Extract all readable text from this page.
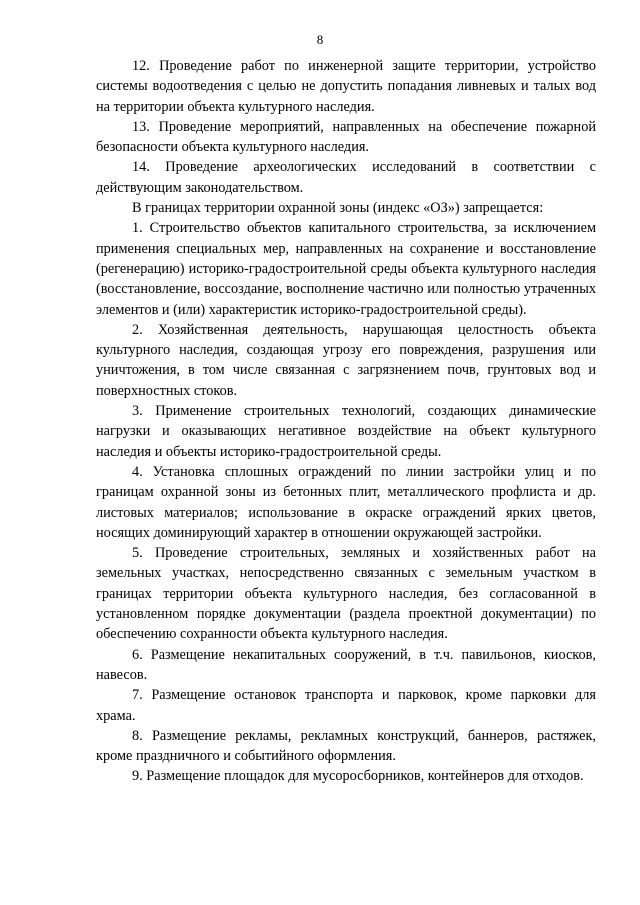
8

12. Проведение работ по инженерной защите территории, устройство системы водоотведения с целью не допустить попадания ливневых и талых вод на территории объекта культурного наследия.

13. Проведение мероприятий, направленных на обеспечение пожарной безопасности объекта культурного наследия.

14. Проведение археологических исследований в соответствии с действующим законодательством.

В границах территории охранной зоны (индекс «ОЗ») запрещается:

1. Строительство объектов капитального строительства, за исключением применения специальных мер, направленных на сохранение и восстановление (регенерацию) историко-градостроительной среды объекта культурного наследия (восстановление, воссоздание, восполнение частично или полностью утраченных элементов и (или) характеристик историко-градостроительной среды).

2. Хозяйственная деятельность, нарушающая целостность объекта культурного наследия, создающая угрозу его повреждения, разрушения или уничтожения, в том числе связанная с загрязнением почв, грунтовых вод и поверхностных стоков.

3. Применение строительных технологий, создающих динамические нагрузки и оказывающих негативное воздействие на объект культурного наследия и объекты историко-градостроительной среды.

4. Установка сплошных ограждений по линии застройки улиц и по границам охранной зоны из бетонных плит, металлического профлиста и др. листовых материалов; использование в окраске ограждений ярких цветов, носящих доминирующий характер в отношении окружающей застройки.

5. Проведение строительных, земляных и хозяйственных работ на земельных участках, непосредственно связанных с земельным участком в границах территории объекта культурного наследия, без согласованной в установленном порядке документации (раздела проектной документации) по обеспечению сохранности объекта культурного наследия.

6. Размещение некапитальных сооружений, в т.ч. павильонов, киосков, навесов.

7. Размещение остановок транспорта и парковок, кроме парковки для храма.

8. Размещение рекламы, рекламных конструкций, баннеров, растяжек, кроме праздничного и событийного оформления.

9. Размещение площадок для мусоросборников, контейнеров для отходов.
